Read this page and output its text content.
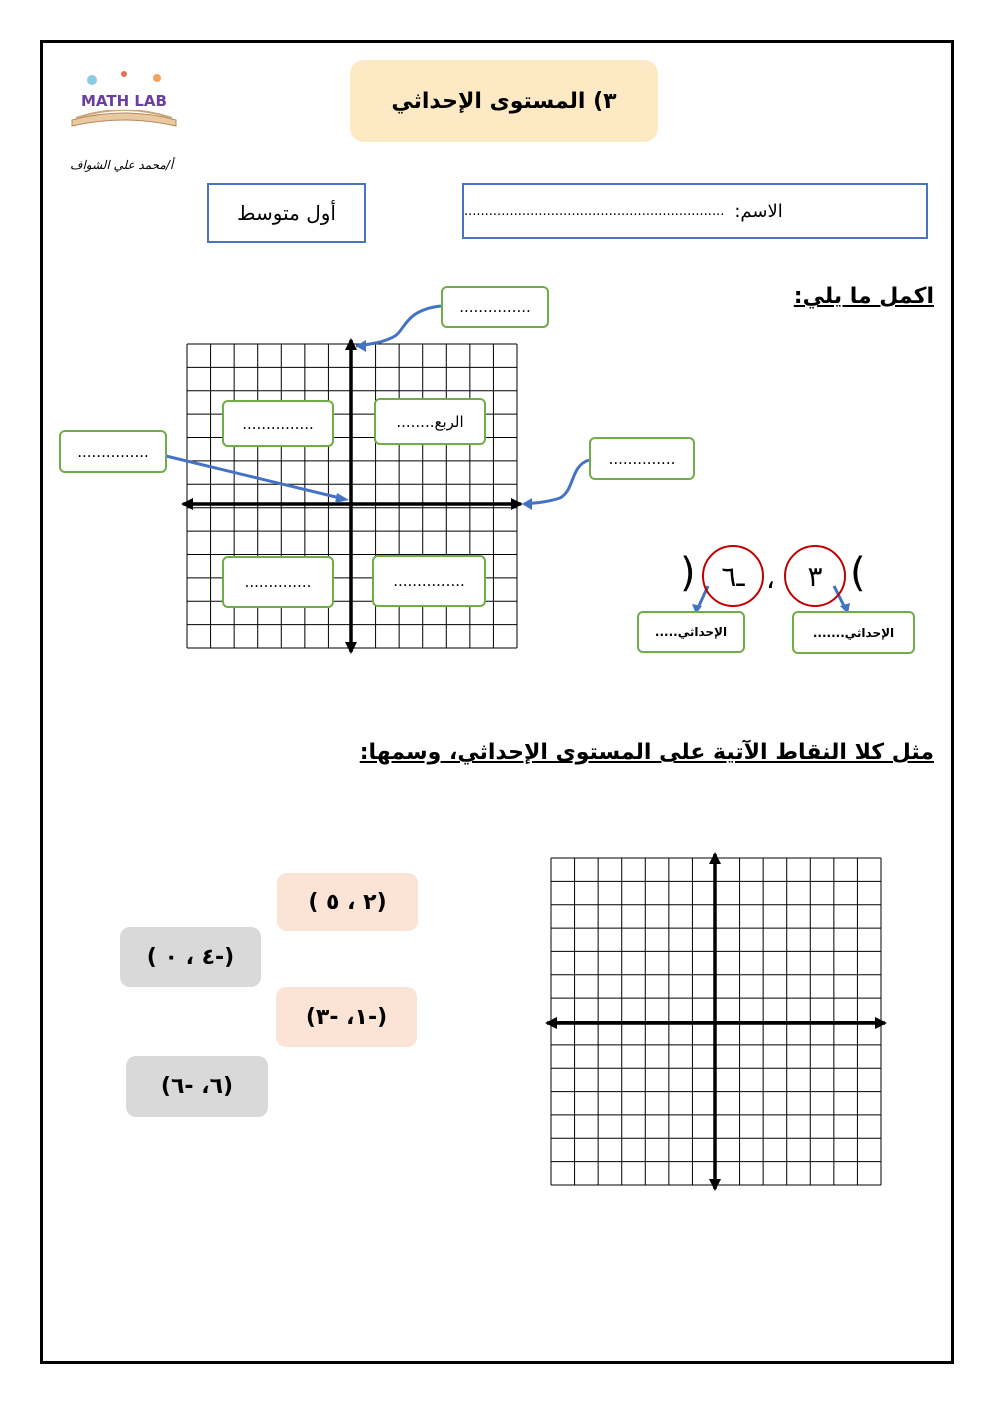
MATH LAB
أ/محمد علي الشواف
٣) المستوى الإحداثي
أول متوسط	الاسم:
...............................................................
اكمل ما يلي:
...............
..............
...............
الربع........
...............
..............	...............	(
٣
،
ـ٦
)
الإحداثي.......
الإحداثي.....
مثل كلا النقاط الآتية على المستوى الإحداثي، وسمها:
(٢ ، ٥ )
(-٤ ، ٠ )
(-١، -٣)
(٦، -٦)
